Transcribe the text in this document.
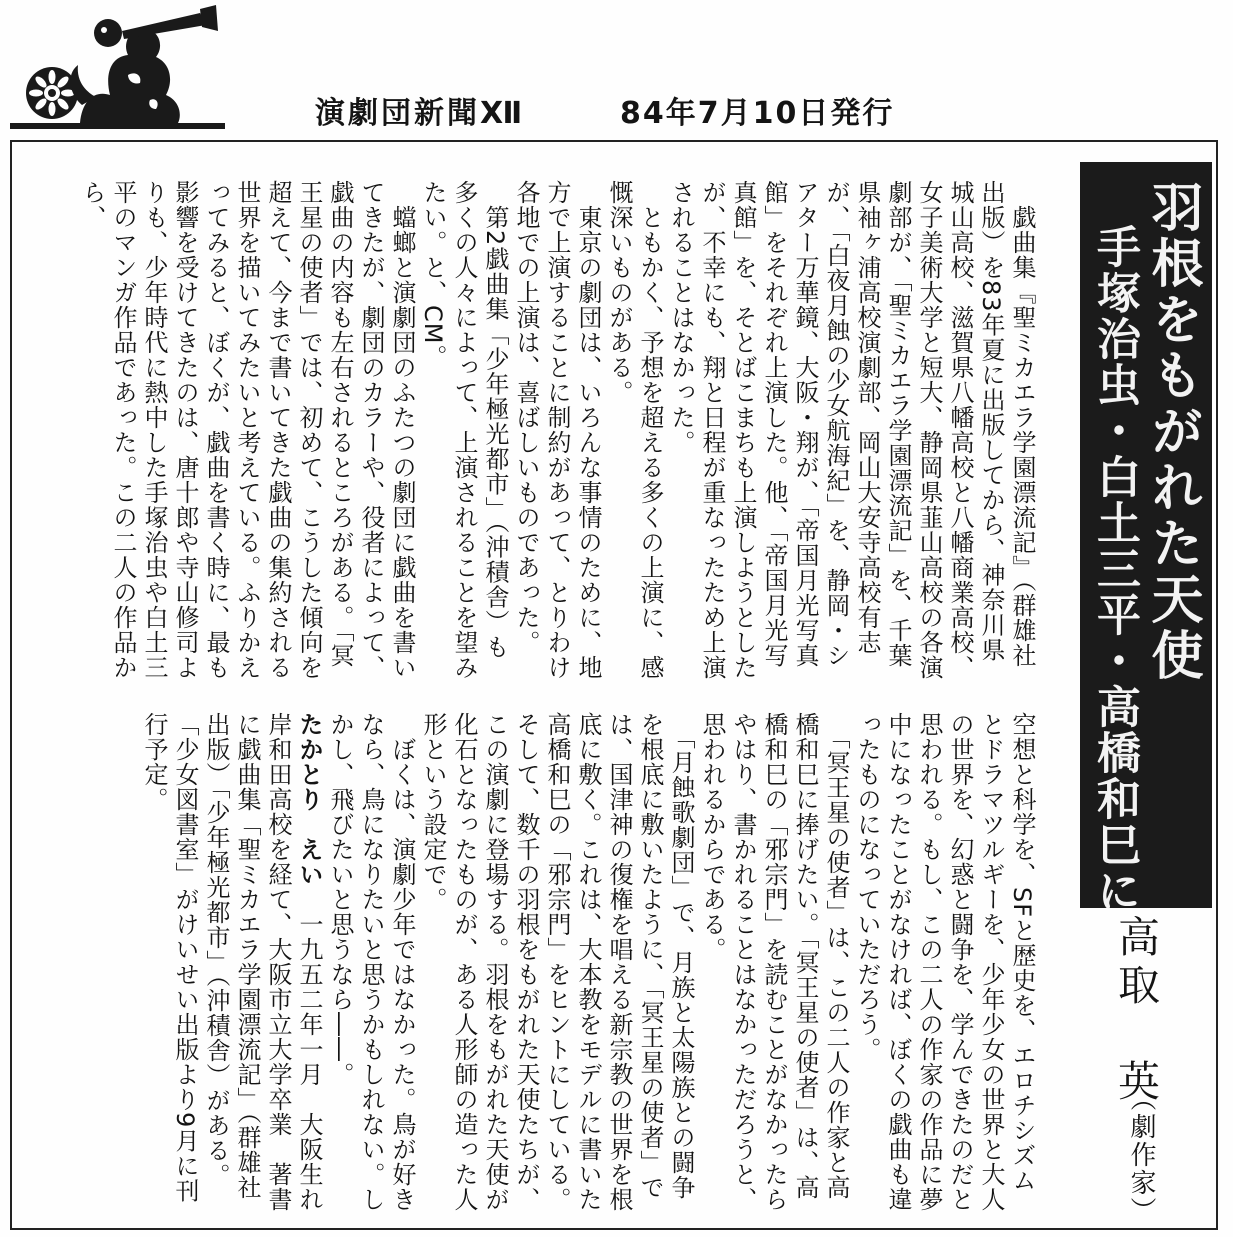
演劇団新聞Ⅻ	84年7月10日発行
羽根をもがれた天使
手塚治虫・白土三平・高橋和巳に
高取　英
（劇作家）

　戯曲集『聖ミカエラ学園漂流記』（群雄社出版）を83年夏に出版してから、神奈川県城山高校、滋賀県八幡高校と八幡商業高校、女子美術大学と短大、静岡県韮山高校の各演劇部が、「聖ミカエラ学園漂流記」を、千葉県袖ヶ浦高校演劇部、岡山大安寺高校有志が、「白夜月蝕の少女航海紀」を、静岡・シアター万華鏡、大阪・翔が、「帝国月光写真館」をそれぞれ上演した。他、「帝国月光写真館」を、そとばこまちも上演しようとしたが、不幸にも、翔と日程が重なったため上演されることはなかった。

　ともかく、予想を超える多くの上演に、感慨深いものがある。

　東京の劇団は、いろんな事情のために、地方で上演することに制約があって、とりわけ各地での上演は、喜ばしいものであった。

　第2戯曲集「少年極光都市」（沖積舎）も多くの人々によって、上演されることを望みたい。と、CM。

　蟷螂と演劇団のふたつの劇団に戯曲を書いてきたが、劇団のカラーや、役者によって、戯曲の内容も左右されるところがある。「冥王星の使者」では、初めて、こうした傾向を超えて、今まで書いてきた戯曲の集約される世界を描いてみたいと考えている。ふりかえってみると、ぼくが、戯曲を書く時に、最も影響を受けてきたのは、唐十郎や寺山修司よりも、少年時代に熱中した手塚治虫や白土三平のマンガ作品であった。この二人の作品から、

空想と科学を、SFと歴史を、エロチシズムとドラマツルギーを、少年少女の世界と大人の世界を、幻惑と闘争を、学んできたのだと思われる。もし、この二人の作家の作品に夢中になったことがなければ、ぼくの戯曲も違ったものになっていただろう。

　「冥王星の使者」は、この二人の作家と高橋和巳に捧げたい。「冥王星の使者」は、高橋和巳の「邪宗門」を読むことがなかったらやはり、書かれることはなかっただろうと、思われるからである。

　「月蝕歌劇団」で、月族と太陽族との闘争を根底に敷いたように、「冥王星の使者」では、国津神の復権を唱える新宗教の世界を根底に敷く。これは、大本教をモデルに書いた高橋和巳の「邪宗門」をヒントにしている。そして、数千の羽根をもがれた天使たちが、この演劇に登場する。羽根をもがれた天使が化石となったものが、ある人形師の造った人形という設定で。

　ぼくは、演劇少年ではなかった。鳥が好きなら、鳥になりたいと思うかもしれない。しかし、飛びたいと思うなら――。

たかとり　えい　一九五二年一月　大阪生れ　岸和田高校を経て、大阪市立大学卒業　著書に戯曲集「聖ミカエラ学園漂流記」（群雄社出版）「少年極光都市」（沖積舎）がある。「少女図書室」がけいせい出版より9月に刊行予定。
